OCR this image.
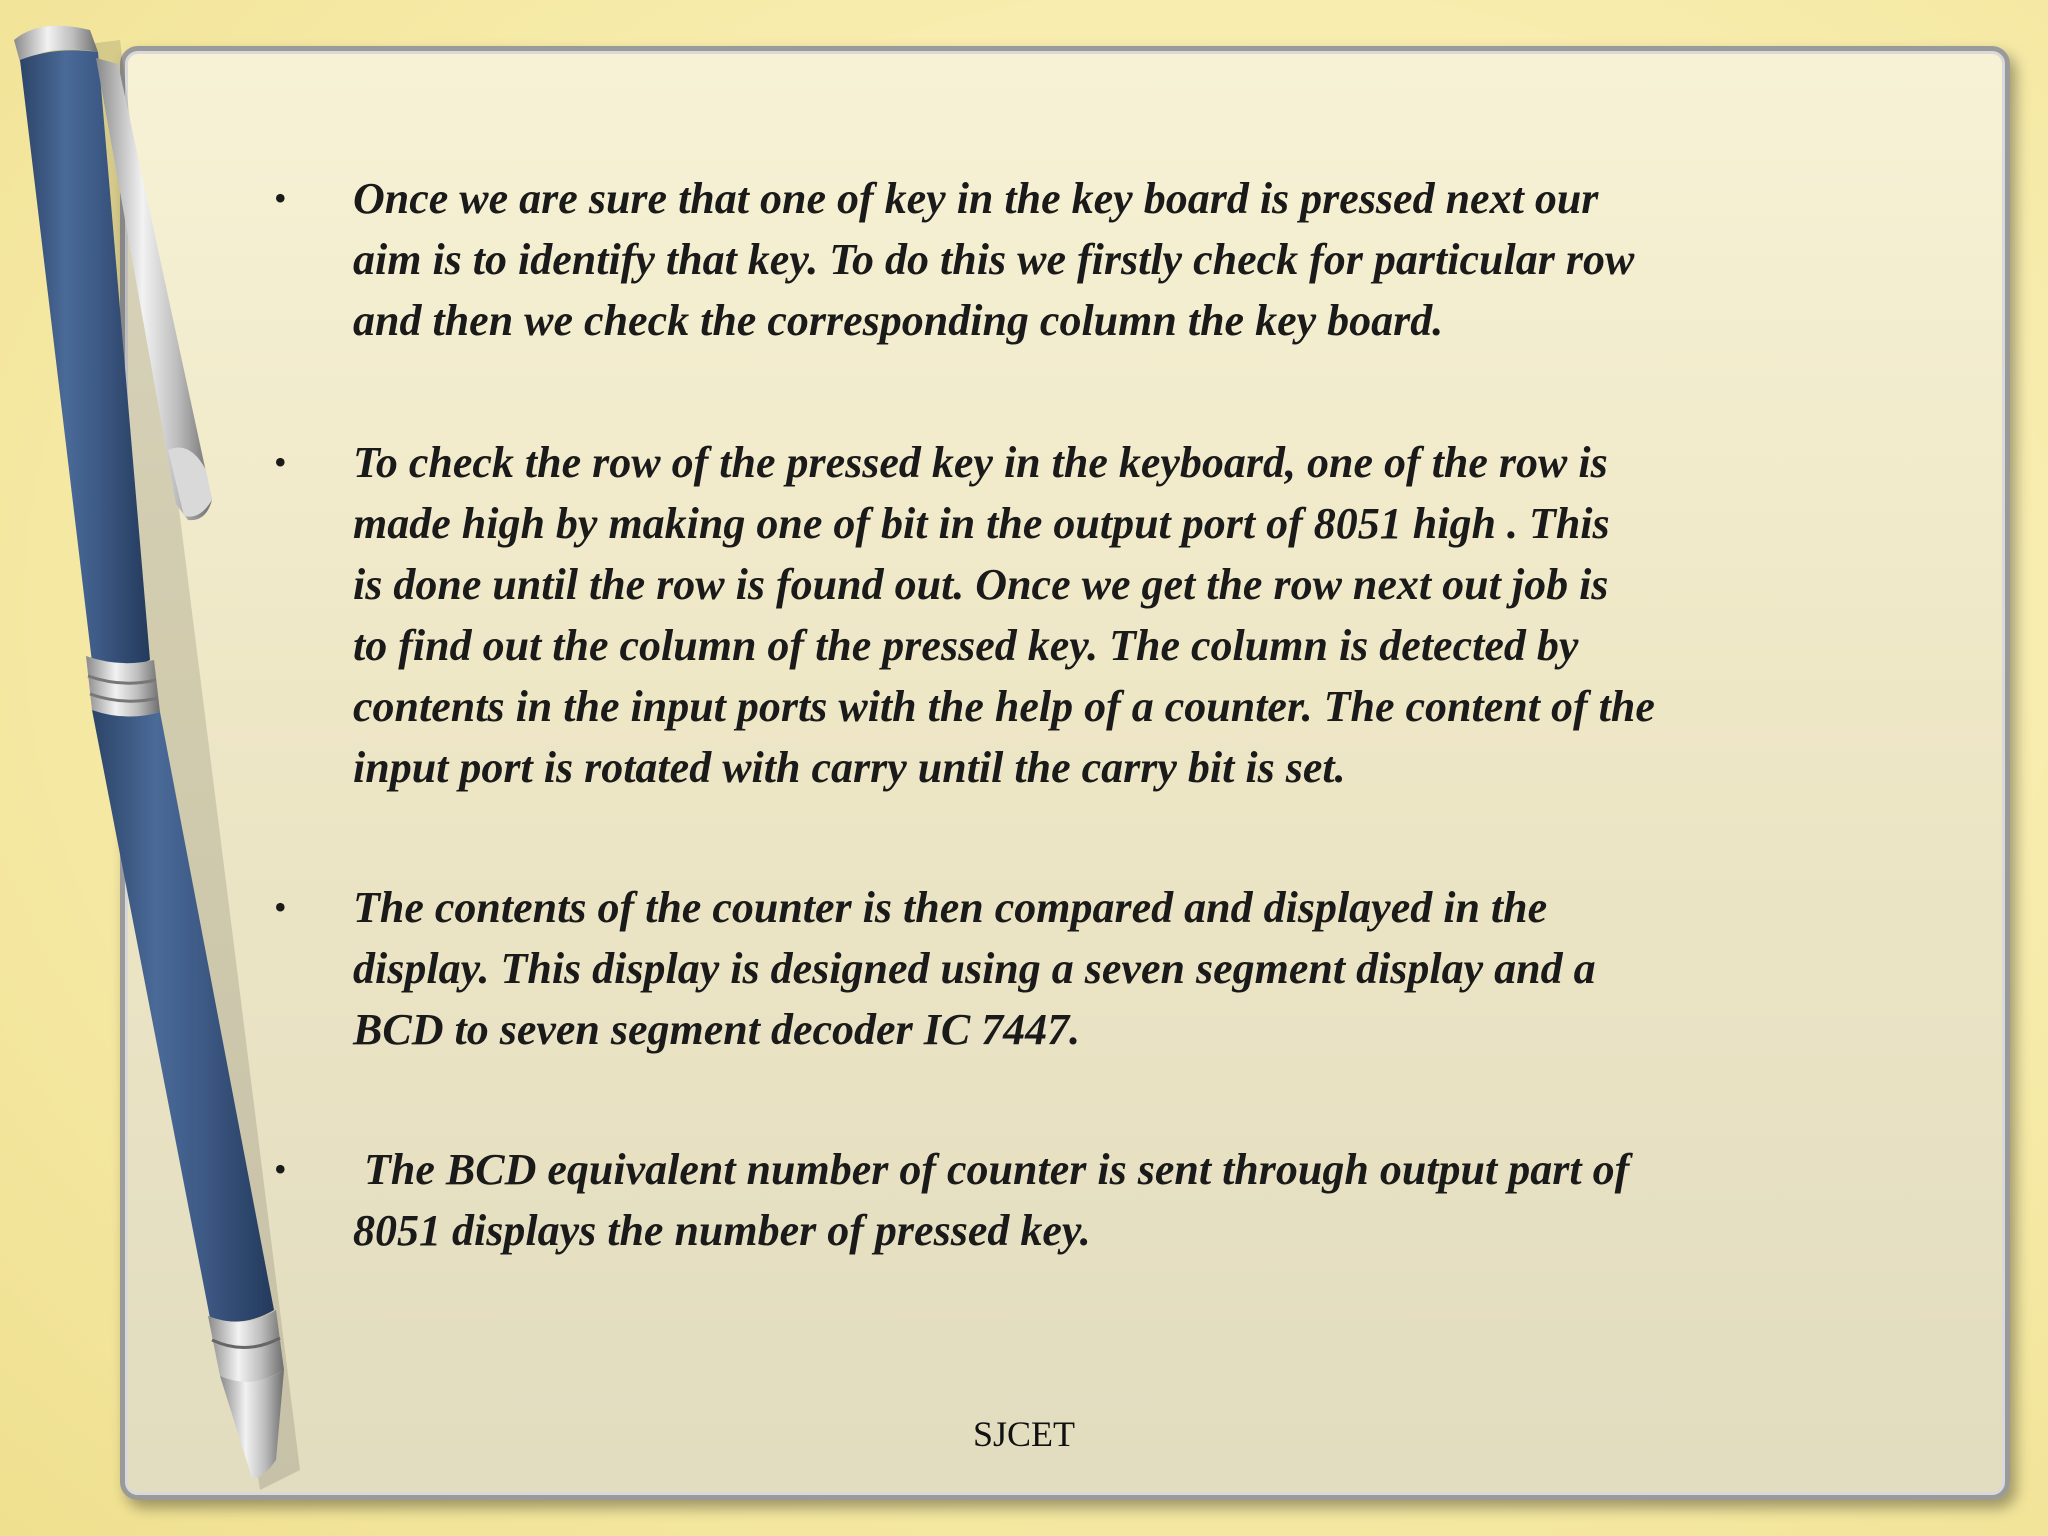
• Once we are sure that one of key in the key board is pressed next our
aim is to identify that key. To do this we firstly check for particular row
and then we check the corresponding column the key board.
• To check the row of the pressed key in the keyboard, one of the row is
made high by making one of bit in the output port of 8051 high . This
is done until the row is found out. Once we get the row next out job is
to find out the column of the pressed key. The column is detected by
contents in the input ports with the help of a counter. The content of the
input port is rotated with carry until the carry bit is set.
• The contents of the counter is then compared and displayed in the
display. This display is designed using a seven segment display and a
BCD to seven segment decoder IC 7447.
• The BCD equivalent number of counter is sent through output part of
8051 displays the number of pressed key.
SJCET
